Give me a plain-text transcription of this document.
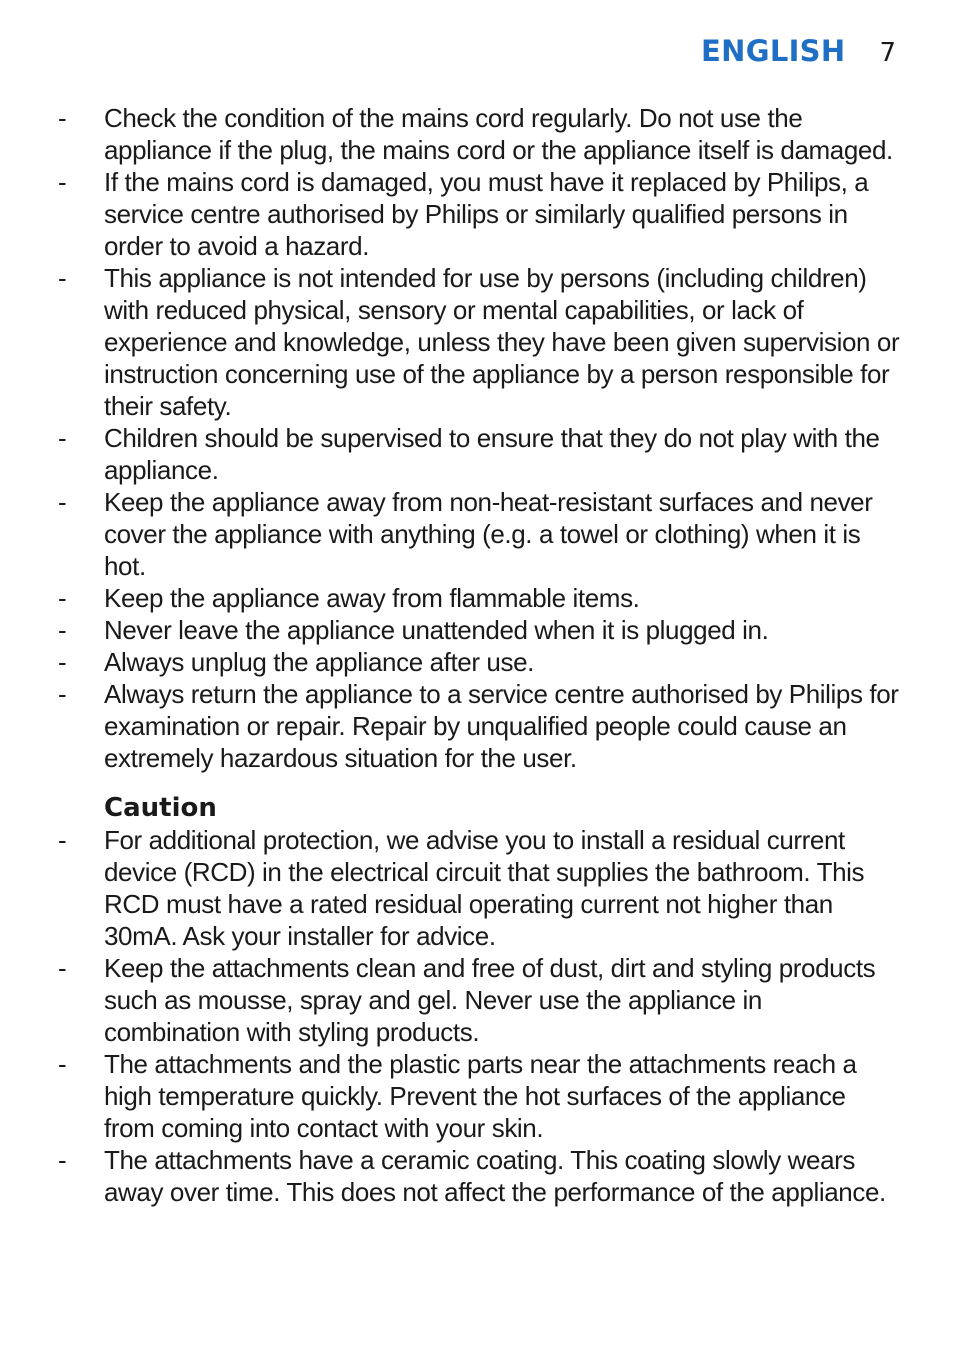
ENGLISH 7
-	Check the condition of the mains cord regularly. Do not use the appliance if the plug, the mains cord or the appliance itself is damaged.
-	If the mains cord is damaged, you must have it replaced by Philips, a service centre authorised by Philips or similarly qualified persons in order to avoid a hazard.
-	This appliance is not intended for use by persons (including children) with reduced physical, sensory or mental capabilities, or lack of experience and knowledge, unless they have been given supervision or instruction concerning use of the appliance by a person responsible for their safety.
-	Children should be supervised to ensure that they do not play with the appliance.
-	Keep the appliance away from non-heat-resistant surfaces and never cover the appliance with anything (e.g. a towel or clothing) when it is hot.
-	Keep the appliance away from flammable items.
-	Never leave the appliance unattended when it is plugged in.
-	Always unplug the appliance after use.
-	Always return the appliance to a service centre authorised by Philips for examination or repair. Repair by unqualified people could cause an extremely hazardous situation for the user.
Caution
-	For additional protection, we advise you to install a residual current device (RCD) in the electrical circuit that supplies the bathroom. This RCD must have a rated residual operating current not higher than 30mA. Ask your installer for advice.
-	Keep the attachments clean and free of dust, dirt and styling products such as mousse, spray and gel. Never use the appliance in combination with styling products.
-	The attachments and the plastic parts near the attachments reach a high temperature quickly. Prevent the hot surfaces of the appliance from coming into contact with your skin.
-	The attachments have a ceramic coating. This coating slowly wears away over time. This does not affect the performance of the appliance.
